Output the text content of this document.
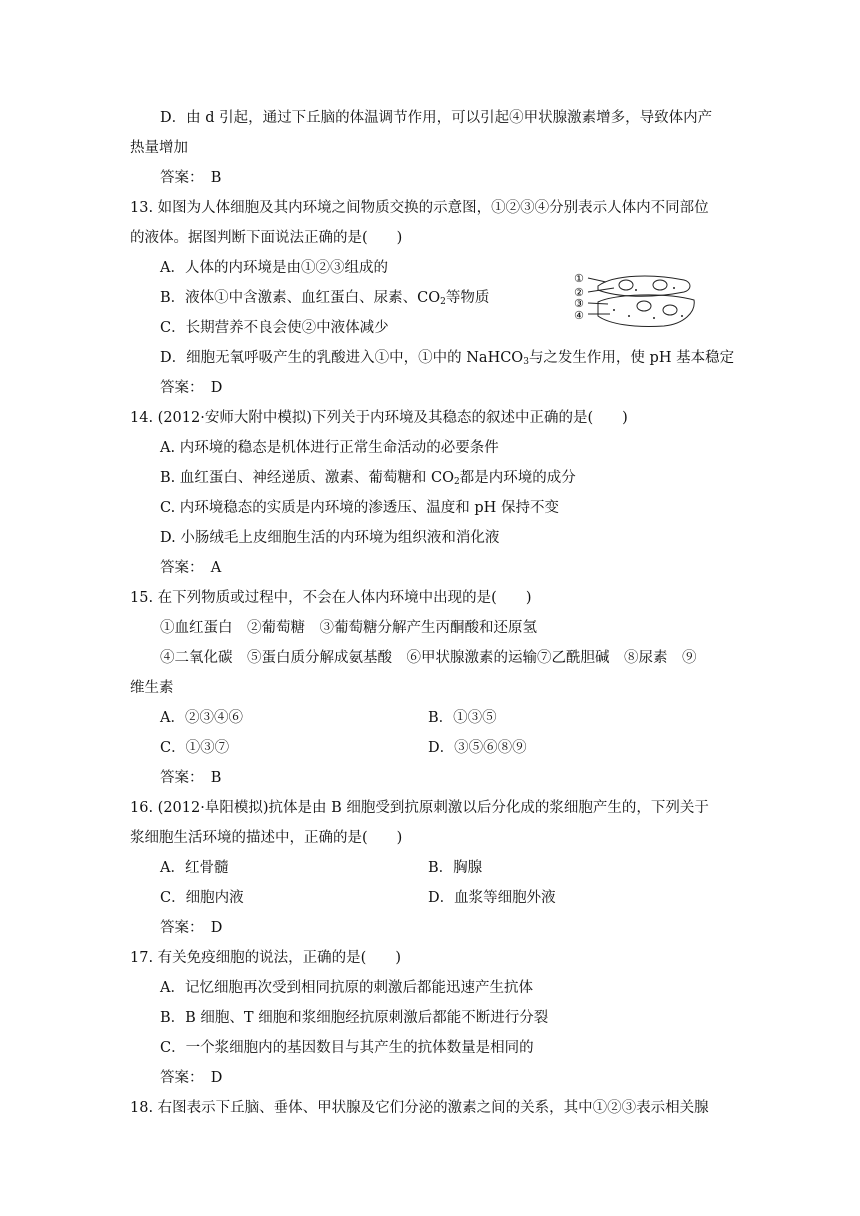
D．由 d 引起，通过下丘脑的体温调节作用，可以引起④甲状腺激素增多，导致体内产
热量增加
答案：　B
13. 如图为人体细胞及其内环境之间物质交换的示意图，①②③④分别表示人体内不同部位
的液体。据图判断下面说法正确的是(　　)
A．人体的内环境是由①②③组成的
B．液体①中含激素、血红蛋白、尿素、$CO_2$等物质
C．长期营养不良会使②中液体减少
D．细胞无氧呼吸产生的乳酸进入①中，①中的 NaHCO$_3$与之发生作用，使 pH 基本稳定
答案：　D
①
②
③
④
14. (2012·安师大附中模拟)下列关于内环境及其稳态的叙述中正确的是(　　)
A. 内环境的稳态是机体进行正常生命活动的必要条件
B. 血红蛋白、神经递质、激素、葡萄糖和 $CO_2$都是内环境的成分
C. 内环境稳态的实质是内环境的渗透压、温度和 pH 保持不变
D. 小肠绒毛上皮细胞生活的内环境为组织液和消化液
答案：　A
15. 在下列物质或过程中，不会在人体内环境中出现的是(　　)
①血红蛋白　②葡萄糖　③葡萄糖分解产生丙酮酸和还原氢
④二氧化碳　⑤蛋白质分解成氨基酸　⑥甲状腺激素的运输⑦乙酰胆碱　⑧尿素　⑨
维生素
A．②③④⑥	B．①③⑤
C．①③⑦	D．③⑤⑥⑧⑨
答案：　B
16. (2012·阜阳模拟)抗体是由 B 细胞受到抗原刺激以后分化成的浆细胞产生的，下列关于
浆细胞生活环境的描述中，正确的是(　　)
A．红骨髓	B．胸腺
C．细胞内液	D．血浆等细胞外液
答案：　D
17. 有关免疫细胞的说法，正确的是(　　)
A．记忆细胞再次受到相同抗原的刺激后都能迅速产生抗体
B．B 细胞、T 细胞和浆细胞经抗原刺激后都能不断进行分裂
C．一个浆细胞内的基因数目与其产生的抗体数量是相同的
答案：　D
18. 右图表示下丘脑、垂体、甲状腺及它们分泌的激素之间的关系，其中①②③表示相关腺
